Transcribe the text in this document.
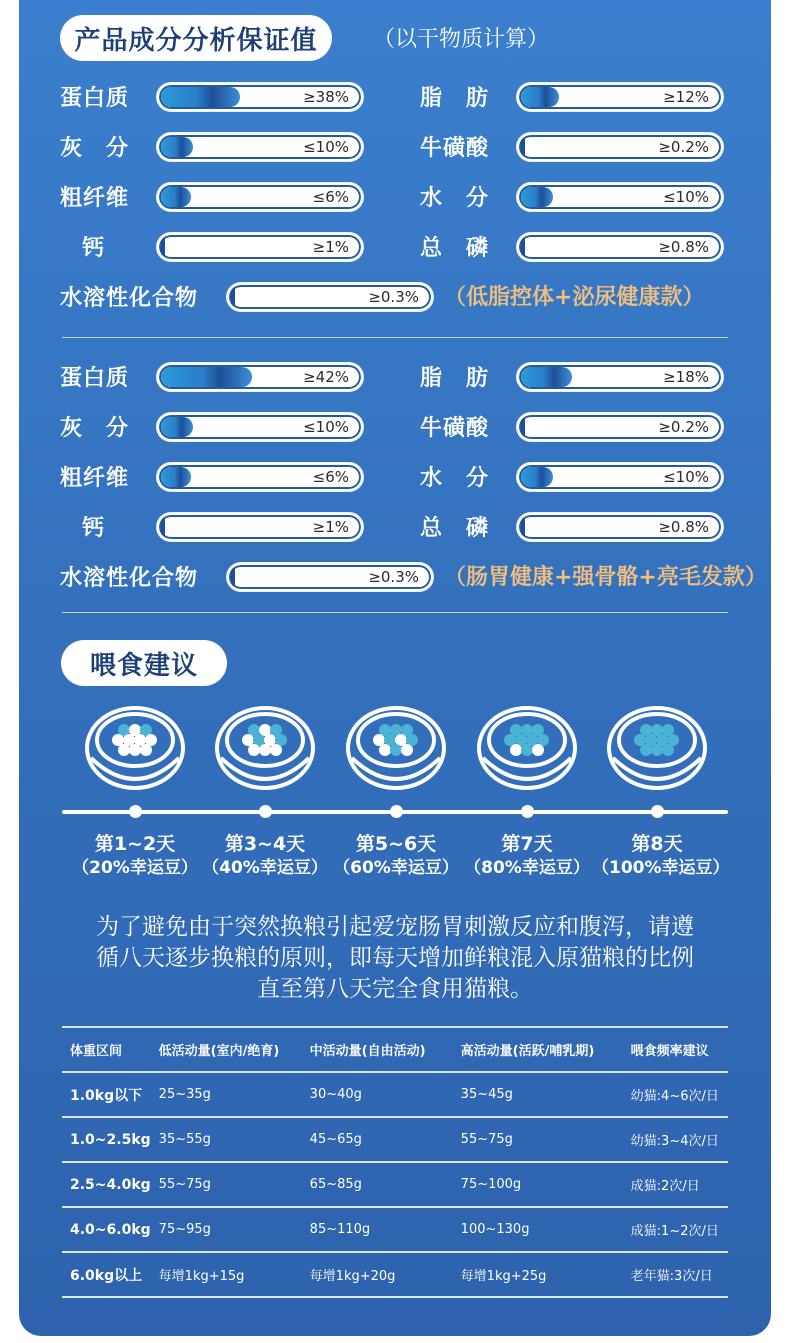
产品成分分析保证值	（以干物质计算）
蛋白质	≥38%	脂　肪	≥12%
灰　分	≤10%	牛磺酸	≥0.2%
粗纤维	≤6%	水　分	≤10%
钙	≥1%	总　磷	≥0.8%
水溶性化合物	≥0.3% （低脂控体+泌尿健康款）
蛋白质	≥42%	脂　肪	≥18%
灰　分	≤10%	牛磺酸	≥0.2%
粗纤维	≤6%	水　分	≤10%
钙	≥1%	总　磷	≥0.8%
水溶性化合物	≥0.3% （肠胃健康+强骨骼+亮毛发款）
喂食建议
第1~2天
（20%幸运豆）
第3~4天
（40%幸运豆）
第5~6天
（60%幸运豆）
第7天
（80%幸运豆）
第8天
（100%幸运豆）
为了避免由于突然换粮引起爱宠肠胃刺激反应和腹泻，请遵
循八天逐步换粮的原则，即每天增加鲜粮混入原猫粮的比例
直至第八天完全食用猫粮。
体重区间	低活动量(室内/绝育)	中活动量(自由活动)	高活动量(活跃/哺乳期)	喂食频率建议
1.0kg以下	25~35g	30~40g	35~45g	幼猫:4~6次/日
1.0~2.5kg	35~55g	45~65g	55~75g	幼猫:3~4次/日
2.5~4.0kg	55~75g	65~85g	75~100g	成猫:2次/日
4.0~6.0kg	75~95g	85~110g	100~130g	成猫:1~2次/日
6.0kg以上	每增1kg+15g	每增1kg+20g	每增1kg+25g	老年猫:3次/日
